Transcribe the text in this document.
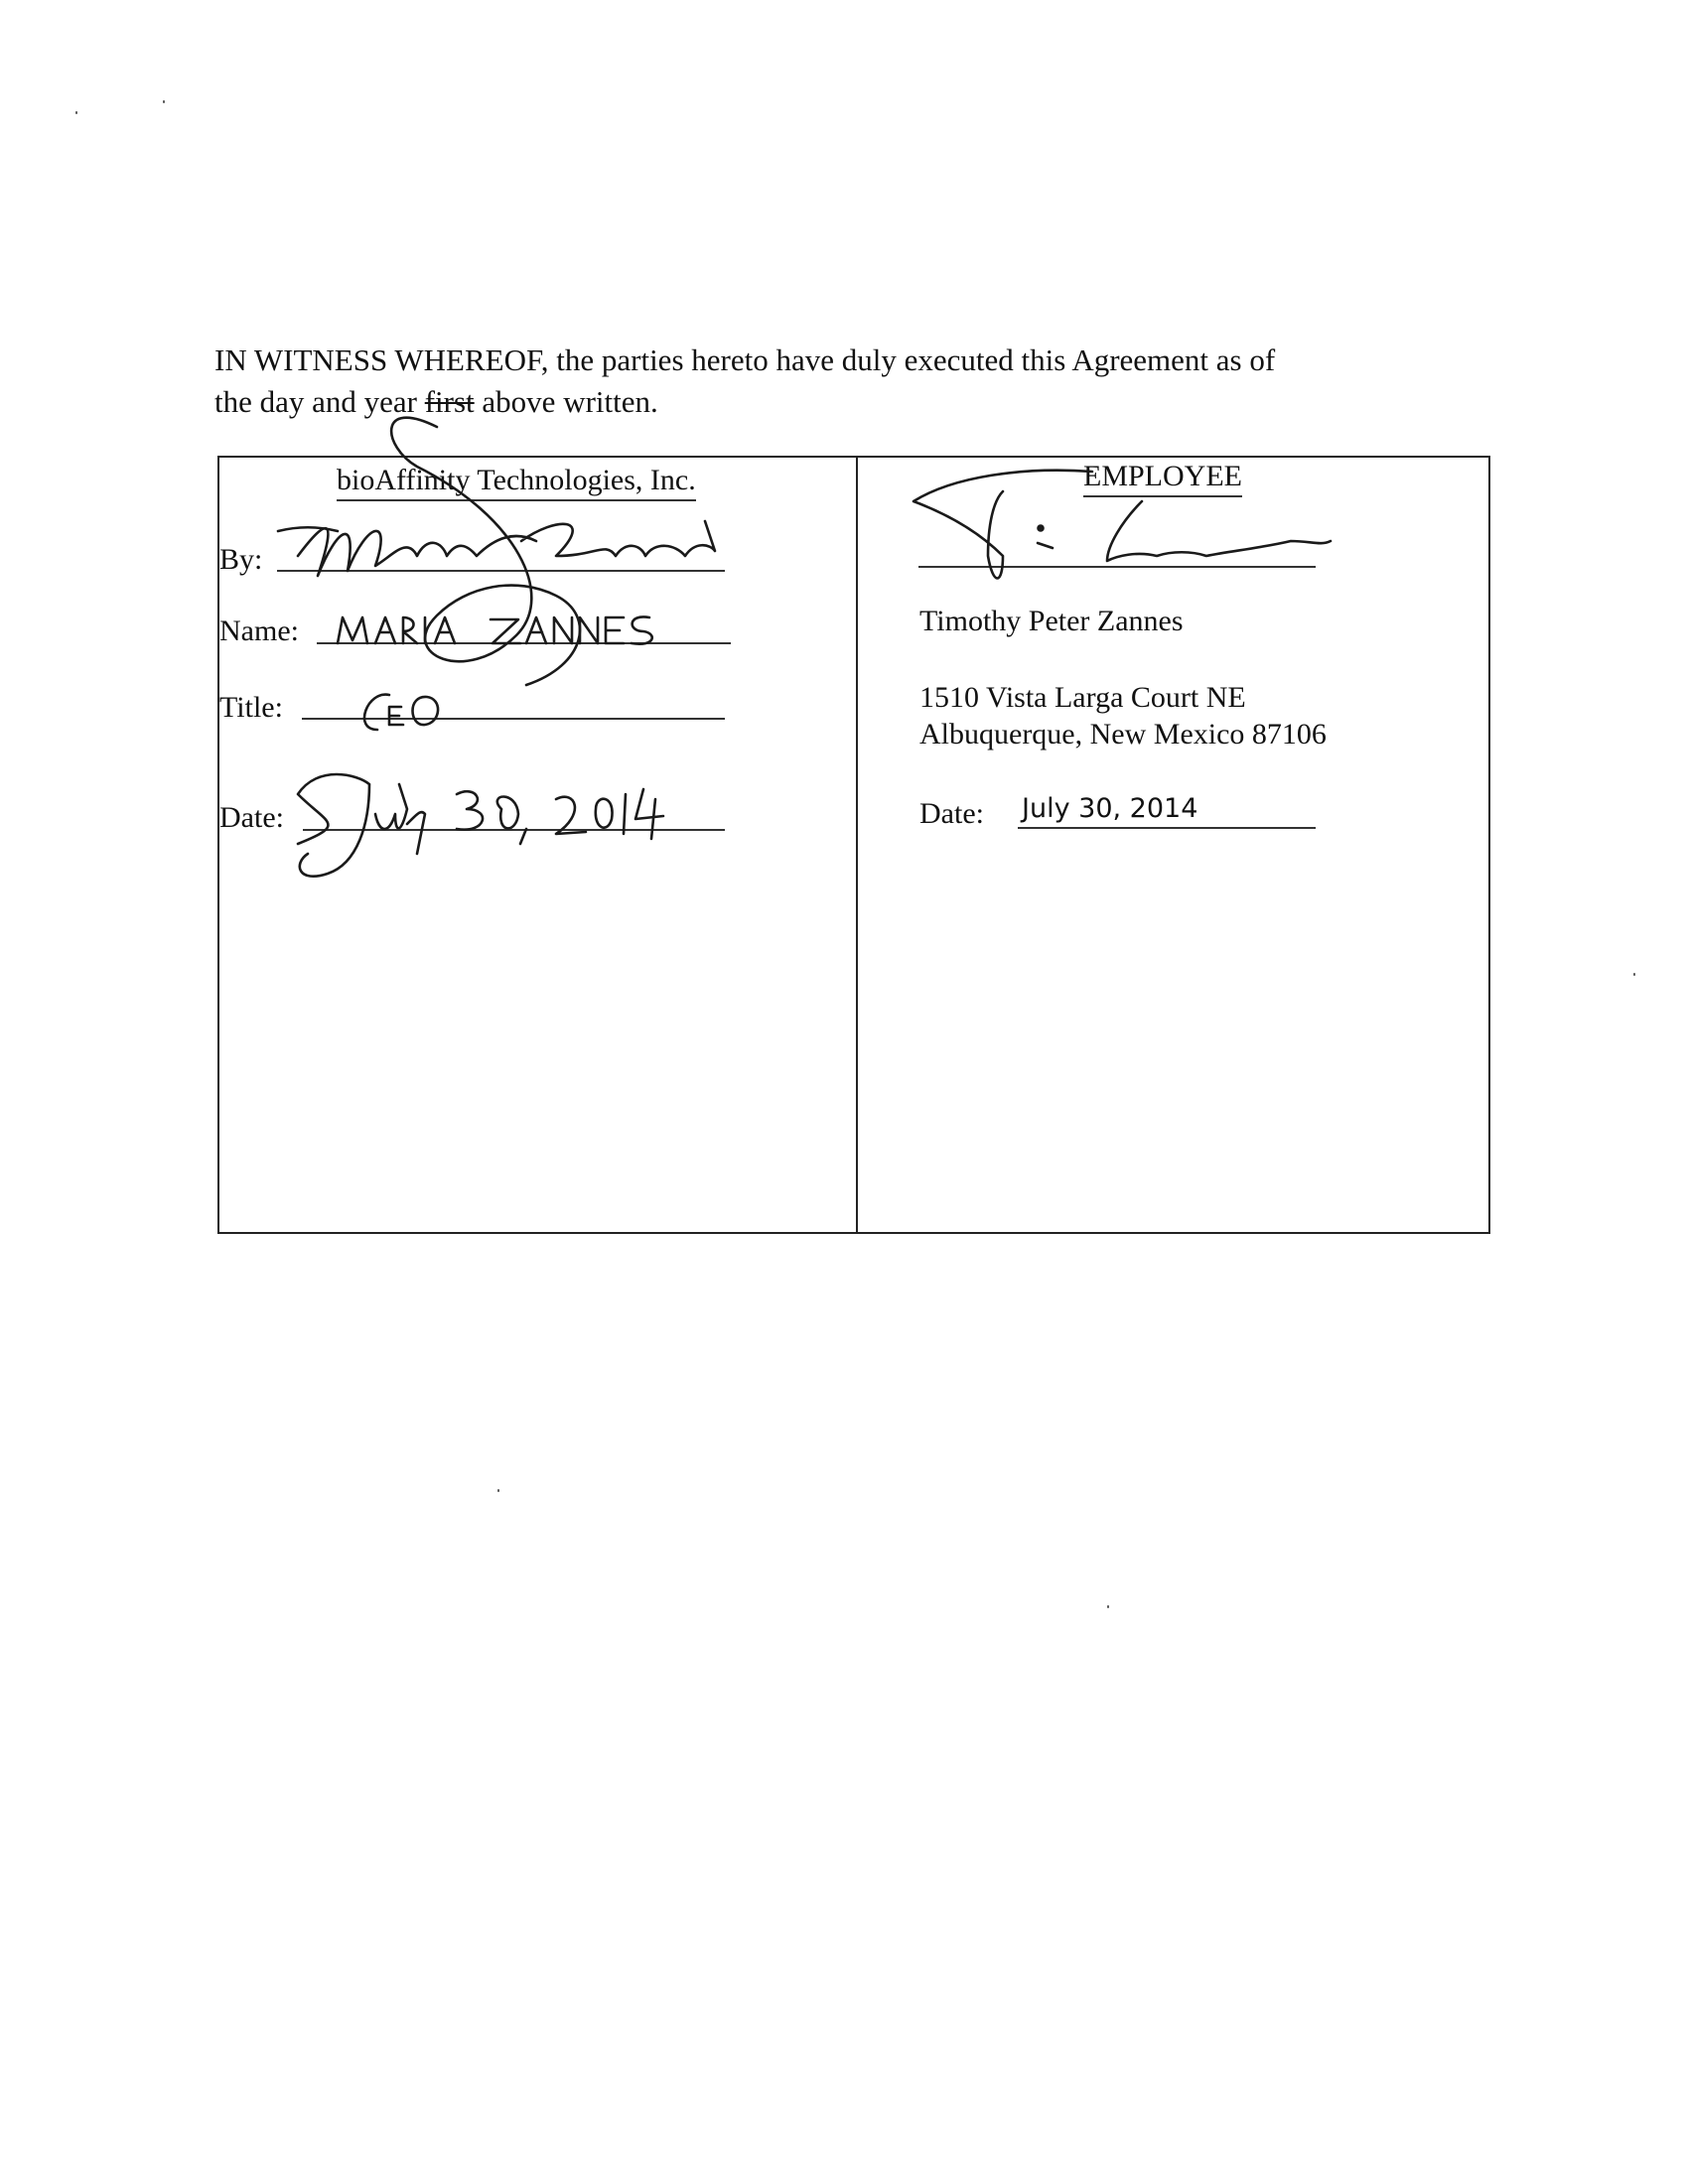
IN WITNESS WHEREOF, the parties hereto have duly executed this Agreement as of
the day and year first above written.

bioAffinity Technologies, Inc.
By:
Name:
Title:
Date:
EMPLOYEE
Timothy Peter Zannes
1510 Vista Larga Court NE
Albuquerque, New Mexico 87106
Date: July 30, 2014
